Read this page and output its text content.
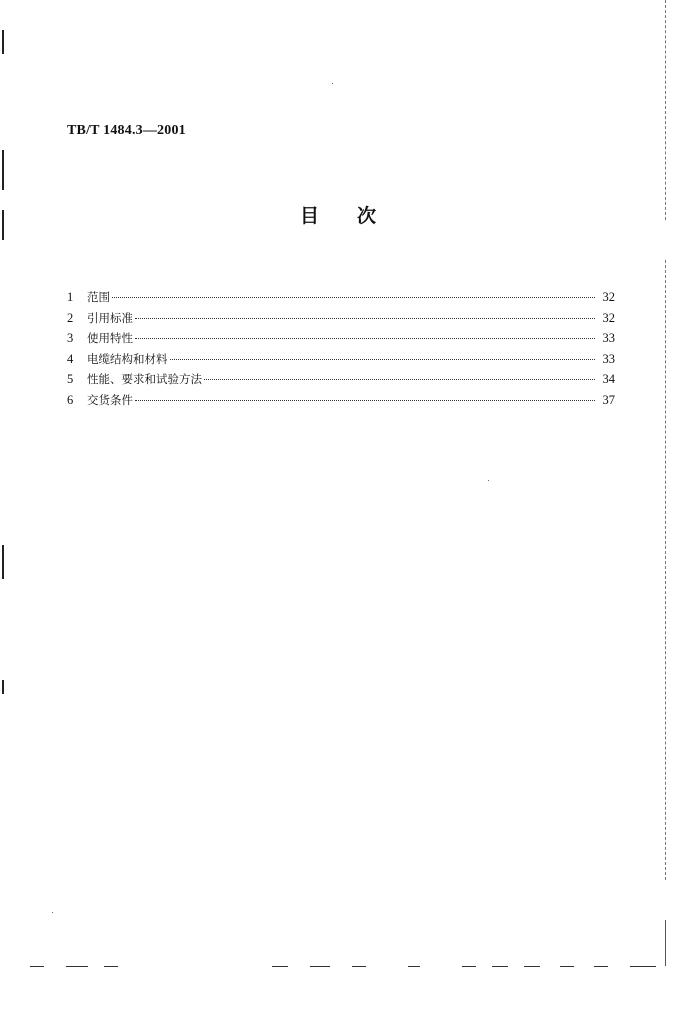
TB/T 1484.3—2001
目 次
1	范围	32
2	引用标准	32
3	使用特性	33
4	电缆结构和材料	33
5	性能、要求和试验方法	34
6	交货条件	37
